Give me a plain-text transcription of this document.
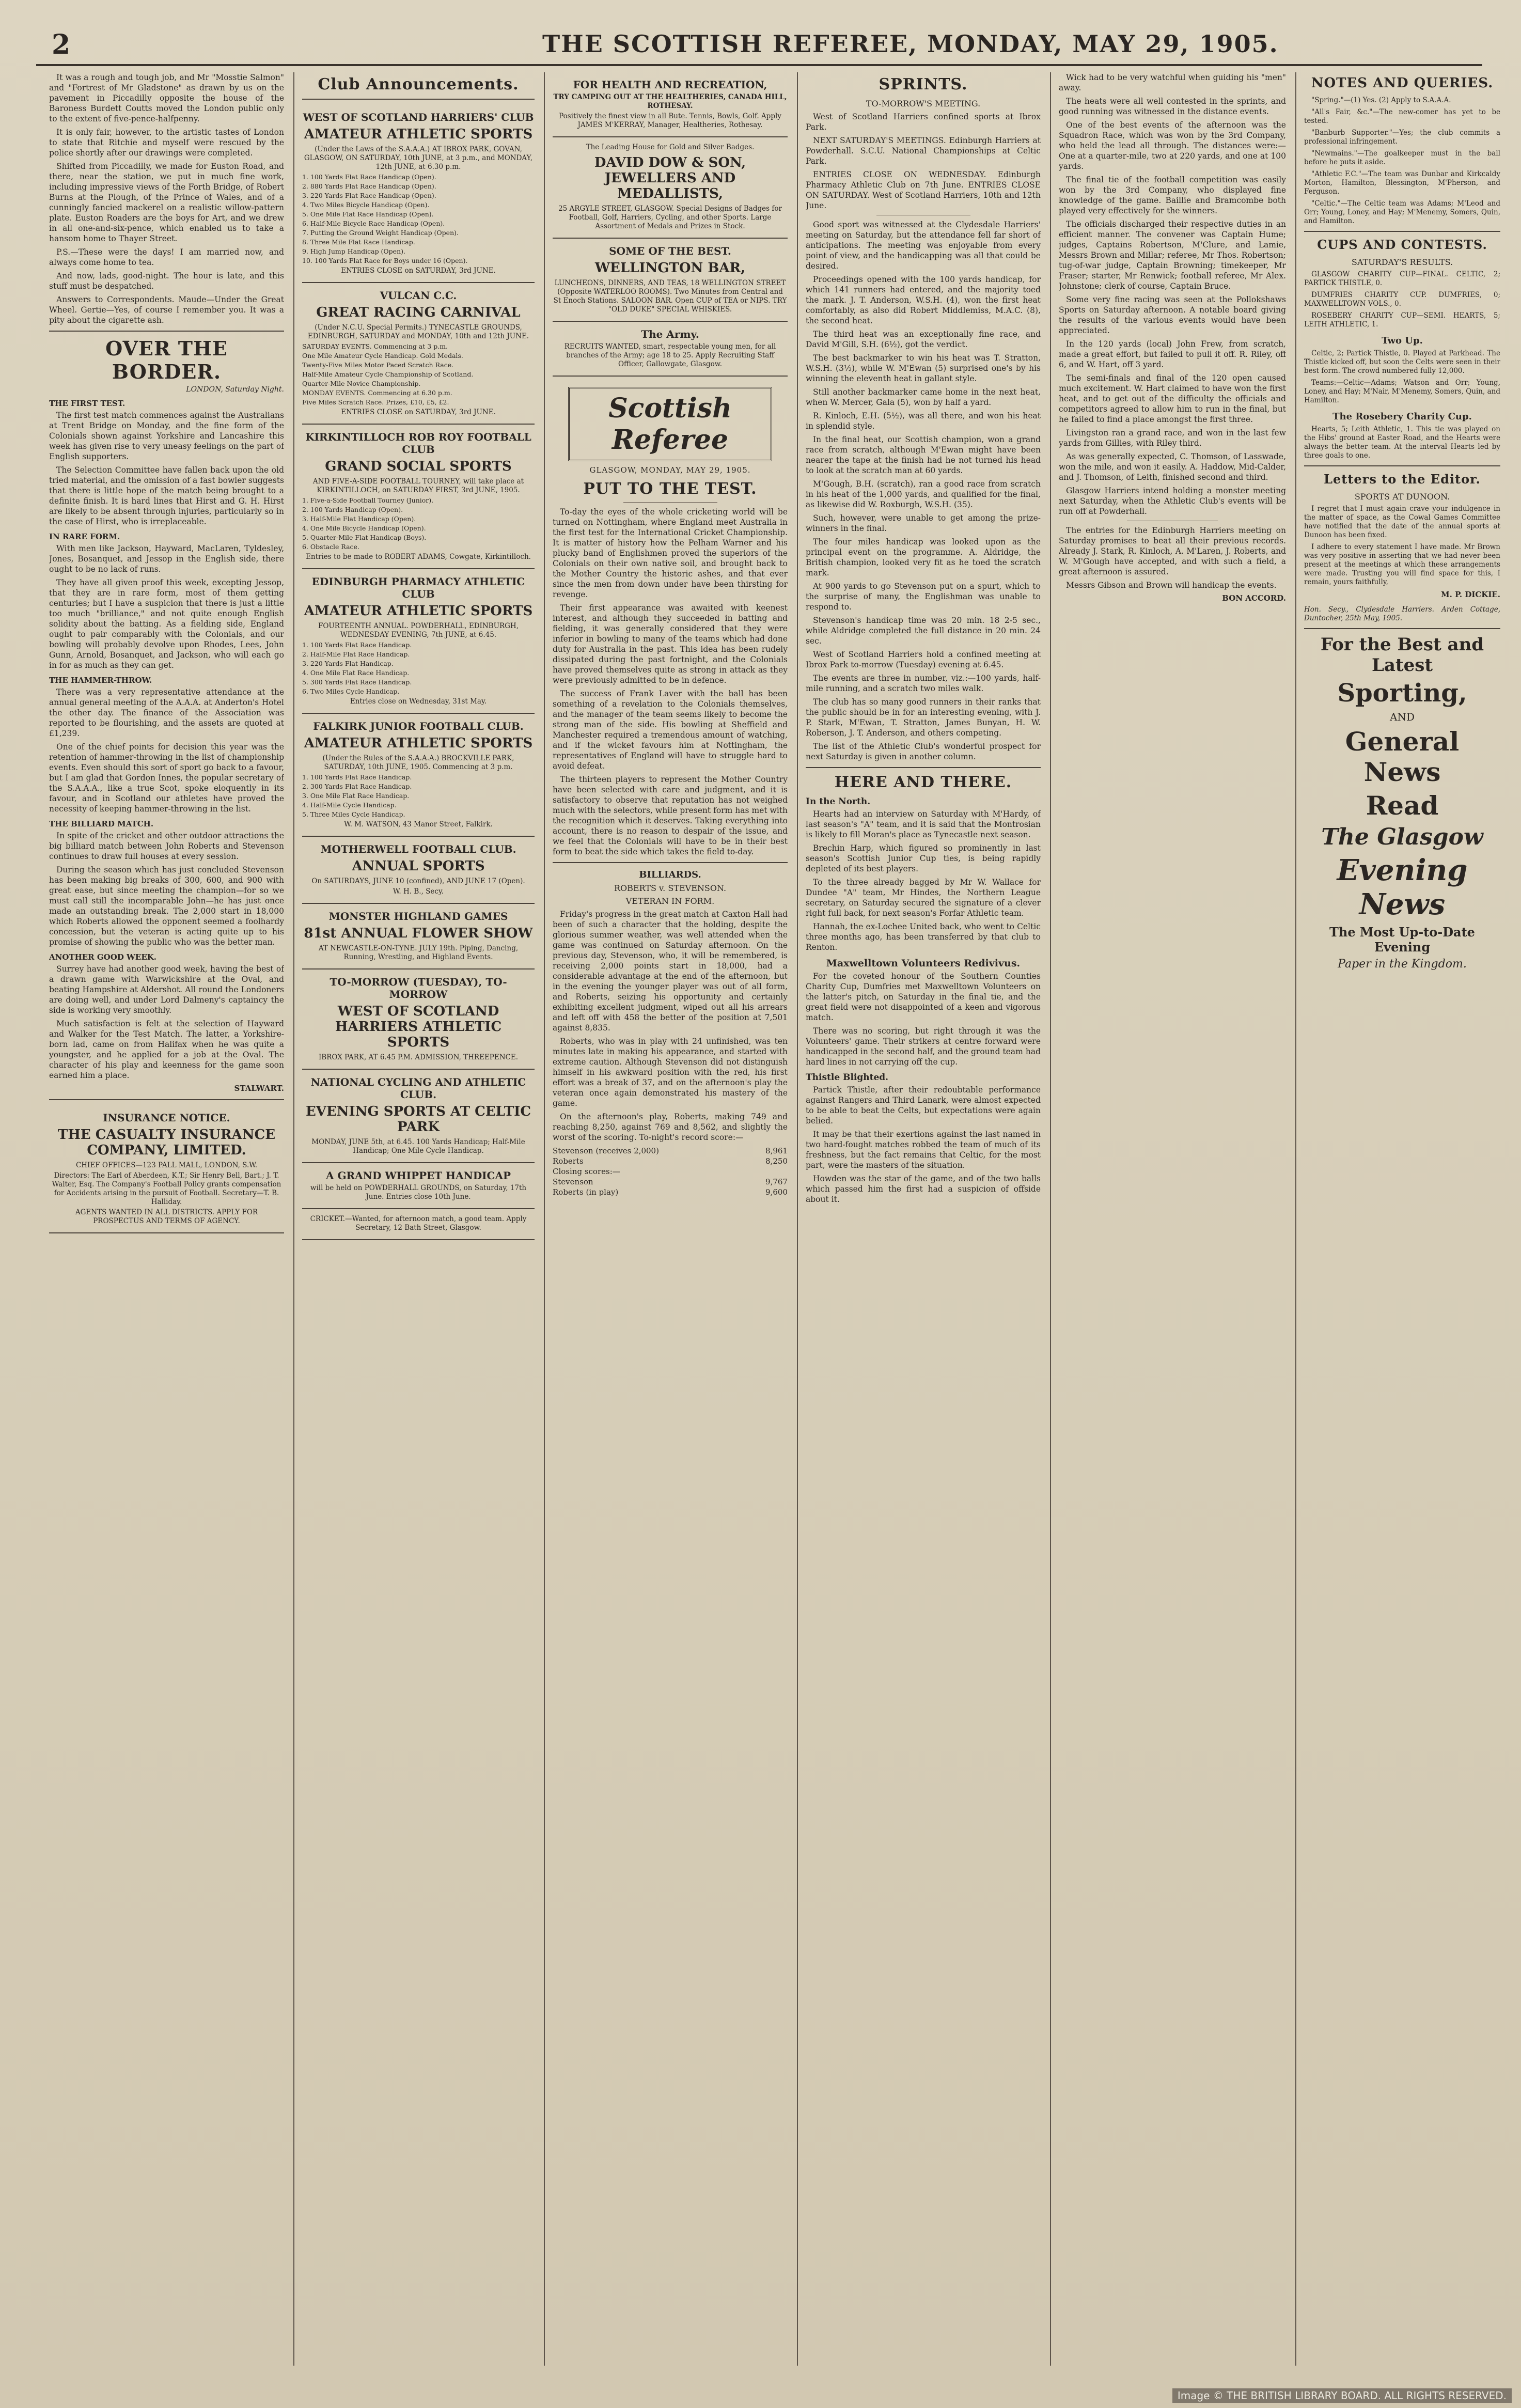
2	THE SCOTTISH REFEREE, MONDAY, MAY 29, 1905.

It was a rough and tough job, and Mr "Mosstie Salmon" and "Fortrest of Mr Gladstone" as drawn by us on the pavement in Piccadilly opposite the house of the Baroness Burdett Coutts moved the London public only to the extent of five-pence-halfpenny.

It is only fair, however, to the artistic tastes of London to state that Ritchie and myself were rescued by the police shortly after our drawings were completed.

Shifted from Piccadilly, we made for Euston Road, and there, near the station, we put in much fine work, including impressive views of the Forth Bridge, of Robert Burns at the Plough, of the Prince of Wales, and of a cunningly fancied mackerel on a realistic willow-pattern plate. Euston Roaders are the boys for Art, and we drew in all one-and-six-pence, which enabled us to take a hansom home to Thayer Street.

P.S.—These were the days! I am married now, and always come home to tea.

And now, lads, good-night. The hour is late, and this stuff must be despatched.

Answers to Correspondents. Maude—Under the Great Wheel. Gertie—Yes, of course I remember you. It was a pity about the cigarette ash.

OVER THE BORDER.
LONDON, Saturday Night.
THE FIRST TEST.

The first test match commences against the Australians at Trent Bridge on Monday, and the fine form of the Colonials shown against Yorkshire and Lancashire this week has given rise to very uneasy feelings on the part of English supporters.

The Selection Committee have fallen back upon the old tried material, and the omission of a fast bowler suggests that there is little hope of the match being brought to a definite finish. It is hard lines that Hirst and G. H. Hirst are likely to be absent through injuries, particularly so in the case of Hirst, who is irreplaceable.

IN RARE FORM.

With men like Jackson, Hayward, MacLaren, Tyldesley, Jones, Bosanquet, and Jessop in the English side, there ought to be no lack of runs.

They have all given proof this week, excepting Jessop, that they are in rare form, most of them getting centuries; but I have a suspicion that there is just a little too much "brilliance," and not quite enough English solidity about the batting. As a fielding side, England ought to pair comparably with the Colonials, and our bowling will probably devolve upon Rhodes, Lees, John Gunn, Arnold, Bosanquet, and Jackson, who will each go in for as much as they can get.

THE HAMMER-THROW.

There was a very representative attendance at the annual general meeting of the A.A.A. at Anderton's Hotel the other day. The finance of the Association was reported to be flourishing, and the assets are quoted at £1,239.

One of the chief points for decision this year was the retention of hammer-throwing in the list of championship events. Even should this sort of sport go back to a favour, but I am glad that Gordon Innes, the popular secretary of the S.A.A.A., like a true Scot, spoke eloquently in its favour, and in Scotland our athletes have proved the necessity of keeping hammer-throwing in the list.

THE BILLIARD MATCH.

In spite of the cricket and other outdoor attractions the big billiard match between John Roberts and Stevenson continues to draw full houses at every session.

During the season which has just concluded Stevenson has been making big breaks of 300, 600, and 900 with great ease, but since meeting the champion—for so we must call still the incomparable John—he has just once made an outstanding break. The 2,000 start in 18,000 which Roberts allowed the opponent seemed a foolhardy concession, but the veteran is acting quite up to his promise of showing the public who was the better man.

ANOTHER GOOD WEEK.

Surrey have had another good week, having the best of a drawn game with Warwickshire at the Oval, and beating Hampshire at Aldershot. All round the Londoners are doing well, and under Lord Dalmeny's captaincy the side is working very smoothly.

Much satisfaction is felt at the selection of Hayward and Walker for the Test Match. The latter, a Yorkshire-born lad, came on from Halifax when he was quite a youngster, and he applied for a job at the Oval. The character of his play and keenness for the game soon earned him a place.

STALWART.
INSURANCE NOTICE.
THE CASUALTY INSURANCE COMPANY, LIMITED.
CHIEF OFFICES—123 PALL MALL, LONDON, S.W.
Directors: The Earl of Aberdeen, K.T.; Sir Henry Bell, Bart.; J. T. Walter, Esq. The Company's Football Policy grants compensation for Accidents arising in the pursuit of Football. Secretary—T. B. Halliday.
AGENTS WANTED IN ALL DISTRICTS. APPLY FOR PROSPECTUS AND TERMS OF AGENCY.
Club Announcements.
WEST OF SCOTLAND HARRIERS' CLUB
AMATEUR ATHLETIC SPORTS
(Under the Laws of the S.A.A.A.) AT IBROX PARK, GOVAN, GLASGOW, ON SATURDAY, 10th JUNE, at 3 p.m., and MONDAY, 12th JUNE, at 6.30 p.m.
1. 100 Yards Flat Race Handicap (Open).
2. 880 Yards Flat Race Handicap (Open).
3. 220 Yards Flat Race Handicap (Open).
4. Two Miles Bicycle Handicap (Open).
5. One Mile Flat Race Handicap (Open).
6. Half-Mile Bicycle Race Handicap (Open).
7. Putting the Ground Weight Handicap (Open).
8. Three Mile Flat Race Handicap.
9. High Jump Handicap (Open).
10. 100 Yards Flat Race for Boys under 16 (Open).
ENTRIES CLOSE on SATURDAY, 3rd JUNE.
VULCAN C.C.
GREAT RACING CARNIVAL
(Under N.C.U. Special Permits.) TYNECASTLE GROUNDS, EDINBURGH, SATURDAY and MONDAY, 10th and 12th JUNE.
SATURDAY EVENTS. Commencing at 3 p.m.
One Mile Amateur Cycle Handicap. Gold Medals.
Twenty-Five Miles Motor Paced Scratch Race.
Half-Mile Amateur Cycle Championship of Scotland.
Quarter-Mile Novice Championship.
MONDAY EVENTS. Commencing at 6.30 p.m.
Five Miles Scratch Race. Prizes, £10, £5, £2.
ENTRIES CLOSE on SATURDAY, 3rd JUNE.
KIRKINTILLOCH ROB ROY FOOTBALL CLUB
GRAND SOCIAL SPORTS
AND FIVE-A-SIDE FOOTBALL TOURNEY, will take place at KIRKINTILLOCH, on SATURDAY FIRST, 3rd JUNE, 1905.
1. Five-a-Side Football Tourney (Junior).
2. 100 Yards Handicap (Open).
3. Half-Mile Flat Handicap (Open).
4. One Mile Bicycle Handicap (Open).
5. Quarter-Mile Flat Handicap (Boys).
6. Obstacle Race.
Entries to be made to ROBERT ADAMS, Cowgate, Kirkintilloch.
EDINBURGH PHARMACY ATHLETIC CLUB
AMATEUR ATHLETIC SPORTS
FOURTEENTH ANNUAL. POWDERHALL, EDINBURGH, WEDNESDAY EVENING, 7th JUNE, at 6.45.
1. 100 Yards Flat Race Handicap.
2. Half-Mile Flat Race Handicap.
3. 220 Yards Flat Handicap.
4. One Mile Flat Race Handicap.
5. 300 Yards Flat Race Handicap.
6. Two Miles Cycle Handicap.
Entries close on Wednesday, 31st May.
FALKIRK JUNIOR FOOTBALL CLUB.
AMATEUR ATHLETIC SPORTS
(Under the Rules of the S.A.A.A.) BROCKVILLE PARK, SATURDAY, 10th JUNE, 1905. Commencing at 3 p.m.
1. 100 Yards Flat Race Handicap.
2. 300 Yards Flat Race Handicap.
3. One Mile Flat Race Handicap.
4. Half-Mile Cycle Handicap.
5. Three Miles Cycle Handicap.
W. M. WATSON, 43 Manor Street, Falkirk.
MOTHERWELL FOOTBALL CLUB.
ANNUAL SPORTS
On SATURDAYS, JUNE 10 (confined), AND JUNE 17 (Open).
W. H. B., Secy.
MONSTER HIGHLAND GAMES
81st ANNUAL FLOWER SHOW
AT NEWCASTLE-ON-TYNE. JULY 19th. Piping, Dancing, Running, Wrestling, and Highland Events.
TO-MORROW (TUESDAY), TO-MORROW
WEST OF SCOTLAND HARRIERS ATHLETIC SPORTS
IBROX PARK, AT 6.45 P.M. ADMISSION, THREEPENCE.
NATIONAL CYCLING AND ATHLETIC CLUB.
EVENING SPORTS AT CELTIC PARK
MONDAY, JUNE 5th, at 6.45. 100 Yards Handicap; Half-Mile Handicap; One Mile Cycle Handicap.
A GRAND WHIPPET HANDICAP
will be held on POWDERHALL GROUNDS, on Saturday, 17th June. Entries close 10th June.
CRICKET.—Wanted, for afternoon match, a good team. Apply Secretary, 12 Bath Street, Glasgow.
FOR HEALTH AND RECREATION,
TRY CAMPING OUT AT THE HEALTHERIES, CANADA HILL, ROTHESAY.
Positively the finest view in all Bute. Tennis, Bowls, Golf. Apply JAMES M'KERRAY, Manager, Healtheries, Rothesay.
The Leading House for Gold and Silver Badges.
DAVID DOW & SON, JEWELLERS AND MEDALLISTS,
25 ARGYLE STREET, GLASGOW. Special Designs of Badges for Football, Golf, Harriers, Cycling, and other Sports. Large Assortment of Medals and Prizes in Stock.
SOME OF THE BEST.
WELLINGTON BAR,
LUNCHEONS, DINNERS, AND TEAS, 18 WELLINGTON STREET (Opposite WATERLOO ROOMS). Two Minutes from Central and St Enoch Stations. SALOON BAR. Open CUP of TEA or NIPS. TRY "OLD DUKE" SPECIAL WHISKIES.
The Army.
RECRUITS WANTED, smart, respectable young men, for all branches of the Army; age 18 to 25. Apply Recruiting Staff Officer, Gallowgate, Glasgow.
Scottish Referee
GLASGOW, MONDAY, MAY 29, 1905.
PUT TO THE TEST.

To-day the eyes of the whole cricketing world will be turned on Nottingham, where England meet Australia in the first test for the International Cricket Championship. It is matter of history how the Pelham Warner and his plucky band of Englishmen proved the superiors of the Colonials on their own native soil, and brought back to the Mother Country the historic ashes, and that ever since the men from down under have been thirsting for revenge.

Their first appearance was awaited with keenest interest, and although they succeeded in batting and fielding, it was generally considered that they were inferior in bowling to many of the teams which had done duty for Australia in the past. This idea has been rudely dissipated during the past fortnight, and the Colonials have proved themselves quite as strong in attack as they were previously admitted to be in defence.

The success of Frank Laver with the ball has been something of a revelation to the Colonials themselves, and the manager of the team seems likely to become the strong man of the side. His bowling at Sheffield and Manchester required a tremendous amount of watching, and if the wicket favours him at Nottingham, the representatives of England will have to struggle hard to avoid defeat.

The thirteen players to represent the Mother Country have been selected with care and judgment, and it is satisfactory to observe that reputation has not weighed much with the selectors, while present form has met with the recognition which it deserves. Taking everything into account, there is no reason to despair of the issue, and we feel that the Colonials will have to be in their best form to beat the side which takes the field to-day.

BILLIARDS.
ROBERTS v. STEVENSON.
VETERAN IN FORM.

Friday's progress in the great match at Caxton Hall had been of such a character that the holding, despite the glorious summer weather, was well attended when the game was continued on Saturday afternoon. On the previous day, Stevenson, who, it will be remembered, is receiving 2,000 points start in 18,000, had a considerable advantage at the end of the afternoon, but in the evening the younger player was out of all form, and Roberts, seizing his opportunity and certainly exhibiting excellent judgment, wiped out all his arrears and left off with 458 the better of the position at 7,501 against 8,835.

Roberts, who was in play with 24 unfinished, was ten minutes late in making his appearance, and started with extreme caution. Although Stevenson did not distinguish himself in his awkward position with the red, his first effort was a break of 37, and on the afternoon's play the veteran once again demonstrated his mastery of the game.

On the afternoon's play, Roberts, making 749 and reaching 8,250, against 769 and 8,562, and slightly the worst of the scoring. To-night's record score:—

Stevenson (receives 2,000)	8,961
Roberts	8,250
Closing scores:—
Stevenson	9,767
Roberts (in play)	9,600
SPRINTS.
TO-MORROW'S MEETING.

West of Scotland Harriers confined sports at Ibrox Park.

NEXT SATURDAY'S MEETINGS. Edinburgh Harriers at Powderhall. S.C.U. National Championships at Celtic Park.

ENTRIES CLOSE ON WEDNESDAY. Edinburgh Pharmacy Athletic Club on 7th June. ENTRIES CLOSE ON SATURDAY. West of Scotland Harriers, 10th and 12th June.

Good sport was witnessed at the Clydesdale Harriers' meeting on Saturday, but the attendance fell far short of anticipations. The meeting was enjoyable from every point of view, and the handicapping was all that could be desired.

Proceedings opened with the 100 yards handicap, for which 141 runners had entered, and the majority toed the mark. J. T. Anderson, W.S.H. (4), won the first heat comfortably, as also did Robert Middlemiss, M.A.C. (8), the second heat.

The third heat was an exceptionally fine race, and David M'Gill, S.H. (6½), got the verdict.

The best backmarker to win his heat was T. Stratton, W.S.H. (3½), while W. M'Ewan (5) surprised one's by his winning the eleventh heat in gallant style.

Still another backmarker came home in the next heat, when W. Mercer, Gala (5), won by half a yard.

R. Kinloch, E.H. (5½), was all there, and won his heat in splendid style.

In the final heat, our Scottish champion, won a grand race from scratch, although M'Ewan might have been nearer the tape at the finish had he not turned his head to look at the scratch man at 60 yards.

M'Gough, B.H. (scratch), ran a good race from scratch in his heat of the 1,000 yards, and qualified for the final, as likewise did W. Roxburgh, W.S.H. (35).

Such, however, were unable to get among the prize-winners in the final.

The four miles handicap was looked upon as the principal event on the programme. A. Aldridge, the British champion, looked very fit as he toed the scratch mark.

At 900 yards to go Stevenson put on a spurt, which to the surprise of many, the Englishman was unable to respond to.

Stevenson's handicap time was 20 min. 18 2-5 sec., while Aldridge completed the full distance in 20 min. 24 sec.

West of Scotland Harriers hold a confined meeting at Ibrox Park to-morrow (Tuesday) evening at 6.45.

The events are three in number, viz.:—100 yards, half-mile running, and a scratch two miles walk.

The club has so many good runners in their ranks that the public should be in for an interesting evening, with J. P. Stark, M'Ewan, T. Stratton, James Bunyan, H. W. Roberson, J. T. Anderson, and others competing.

The list of the Athletic Club's wonderful prospect for next Saturday is given in another column.

HERE AND THERE.
In the North.

Hearts had an interview on Saturday with M'Hardy, of last season's "A" team, and it is said that the Montrosian is likely to fill Moran's place as Tynecastle next season.

Brechin Harp, which figured so prominently in last season's Scottish Junior Cup ties, is being rapidly depleted of its best players.

To the three already bagged by Mr W. Wallace for Dundee "A" team, Mr Hindes, the Northern League secretary, on Saturday secured the signature of a clever right full back, for next season's Forfar Athletic team.

Hannah, the ex-Lochee United back, who went to Celtic three months ago, has been transferred by that club to Renton.

Maxwelltown Volunteers Redivivus.

For the coveted honour of the Southern Counties Charity Cup, Dumfries met Maxwelltown Volunteers on the latter's pitch, on Saturday in the final tie, and the great field were not disappointed of a keen and vigorous match.

There was no scoring, but right through it was the Volunteers' game. Their strikers at centre forward were handicapped in the second half, and the ground team had hard lines in not carrying off the cup.

Thistle Blighted.

Partick Thistle, after their redoubtable performance against Rangers and Third Lanark, were almost expected to be able to beat the Celts, but expectations were again belied.

It may be that their exertions against the last named in two hard-fought matches robbed the team of much of its freshness, but the fact remains that Celtic, for the most part, were the masters of the situation.

Howden was the star of the game, and of the two balls which passed him the first had a suspicion of offside about it.

Wick had to be very watchful when guiding his "men" away.

The heats were all well contested in the sprints, and good running was witnessed in the distance events.

One of the best events of the afternoon was the Squadron Race, which was won by the 3rd Company, who held the lead all through. The distances were:—One at a quarter-mile, two at 220 yards, and one at 100 yards.

The final tie of the football competition was easily won by the 3rd Company, who displayed fine knowledge of the game. Baillie and Bramcombe both played very effectively for the winners.

The officials discharged their respective duties in an efficient manner. The convener was Captain Hume; judges, Captains Robertson, M'Clure, and Lamie, Messrs Brown and Millar; referee, Mr Thos. Robertson; tug-of-war judge, Captain Browning; timekeeper, Mr Fraser; starter, Mr Renwick; football referee, Mr Alex. Johnstone; clerk of course, Captain Bruce.

Some very fine racing was seen at the Pollokshaws Sports on Saturday afternoon. A notable board giving the results of the various events would have been appreciated.

In the 120 yards (local) John Frew, from scratch, made a great effort, but failed to pull it off. R. Riley, off 6, and W. Hart, off 3 yard.

The semi-finals and final of the 120 open caused much excitement. W. Hart claimed to have won the first heat, and to get out of the difficulty the officials and competitors agreed to allow him to run in the final, but he failed to find a place amongst the first three.

Livingston ran a grand race, and won in the last few yards from Gillies, with Riley third.

As was generally expected, C. Thomson, of Lasswade, won the mile, and won it easily. A. Haddow, Mid-Calder, and J. Thomson, of Leith, finished second and third.

Glasgow Harriers intend holding a monster meeting next Saturday, when the Athletic Club's events will be run off at Powderhall.

The entries for the Edinburgh Harriers meeting on Saturday promises to beat all their previous records. Already J. Stark, R. Kinloch, A. M'Laren, J. Roberts, and W. M'Gough have accepted, and with such a field, a great afternoon is assured.

Messrs Gibson and Brown will handicap the events.

BON ACCORD.
NOTES AND QUERIES.

"Spring."—(1) Yes. (2) Apply to S.A.A.A.

"All's Fair, &c."—The new-comer has yet to be tested.

"Banburb Supporter."—Yes; the club commits a professional infringement.

"Newmains."—The goalkeeper must in the ball before he puts it aside.

"Athletic F.C."—The team was Dunbar and Kirkcaldy Morton, Hamilton, Blessington, M'Pherson, and Ferguson.

"Celtic."—The Celtic team was Adams; M'Leod and Orr; Young, Loney, and Hay; M'Menemy, Somers, Quin, and Hamilton.

CUPS AND CONTESTS.
SATURDAY'S RESULTS.

GLASGOW CHARITY CUP—FINAL. CELTIC, 2; PARTICK THISTLE, 0.

DUMFRIES CHARITY CUP. DUMFRIES, 0; MAXWELLTOWN VOLS., 0.

ROSEBERY CHARITY CUP—SEMI. HEARTS, 5; LEITH ATHLETIC, 1.

Two Up.

Celtic, 2; Partick Thistle, 0. Played at Parkhead. The Thistle kicked off, but soon the Celts were seen in their best form. The crowd numbered fully 12,000.

Teams:—Celtic—Adams; Watson and Orr; Young, Loney, and Hay; M'Nair, M'Menemy, Somers, Quin, and Hamilton.

The Rosebery Charity Cup.

Hearts, 5; Leith Athletic, 1. This tie was played on the Hibs' ground at Easter Road, and the Hearts were always the better team. At the interval Hearts led by three goals to one.

Letters to the Editor.
SPORTS AT DUNOON.

I regret that I must again crave your indulgence in the matter of space, as the Cowal Games Committee have notified that the date of the annual sports at Dunoon has been fixed.

I adhere to every statement I have made. Mr Brown was very positive in asserting that we had never been present at the meetings at which these arrangements were made. Trusting you will find space for this, I remain, yours faithfully,

M. P. DICKIE.

Hon. Secy., Clydesdale Harriers. Arden Cottage, Duntocher, 25th May, 1905.

For the Best and Latest
Sporting,
AND
General News
Read
The Glasgow
Evening News
The Most Up-to-Date Evening
Paper in the Kingdom.
Image © THE BRITISH LIBRARY BOARD. ALL RIGHTS RESERVED.
